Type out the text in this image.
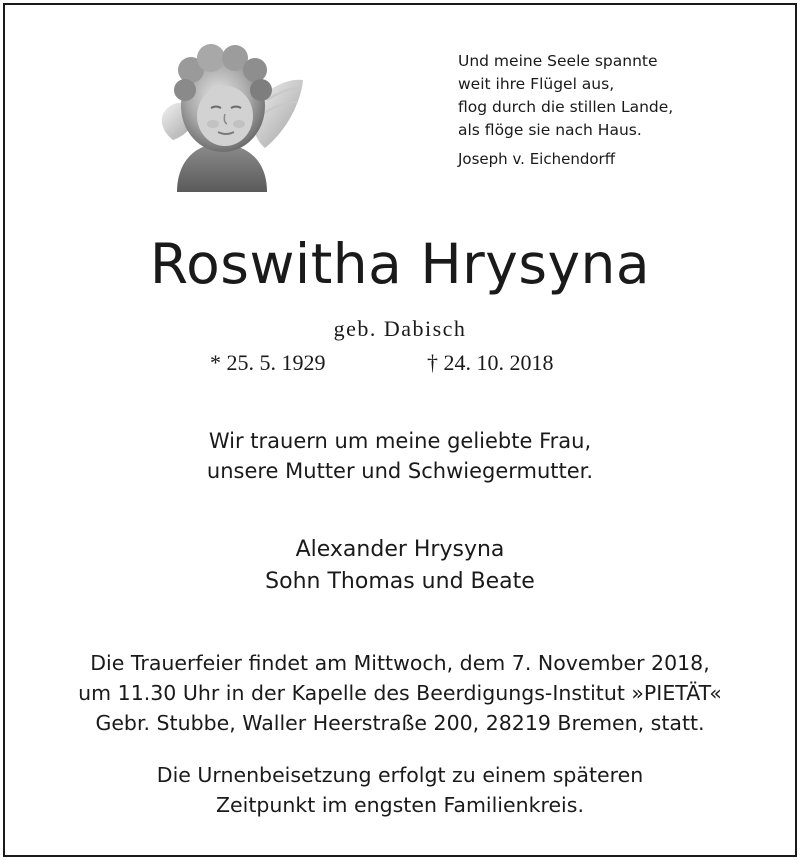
Und meine Seele spannte
weit ihre Flügel aus,
flog durch die stillen Lande,
als flöge sie nach Haus.
Joseph v. Eichendorff
Roswitha Hrysyna
geb. Dabisch
* 25. 5. 1929	† 24. 10. 2018
Wir trauern um meine geliebte Frau,
unsere Mutter und Schwiegermutter.
Alexander Hrysyna
Sohn Thomas und Beate
Die Trauerfeier findet am Mittwoch, dem 7. November 2018,
um 11.30 Uhr in der Kapelle des Beerdigungs-Institut »PIETÄT«
Gebr. Stubbe, Waller Heerstraße 200, 28219 Bremen, statt.
Die Urnenbeisetzung erfolgt zu einem späteren
Zeitpunkt im engsten Familienkreis.
